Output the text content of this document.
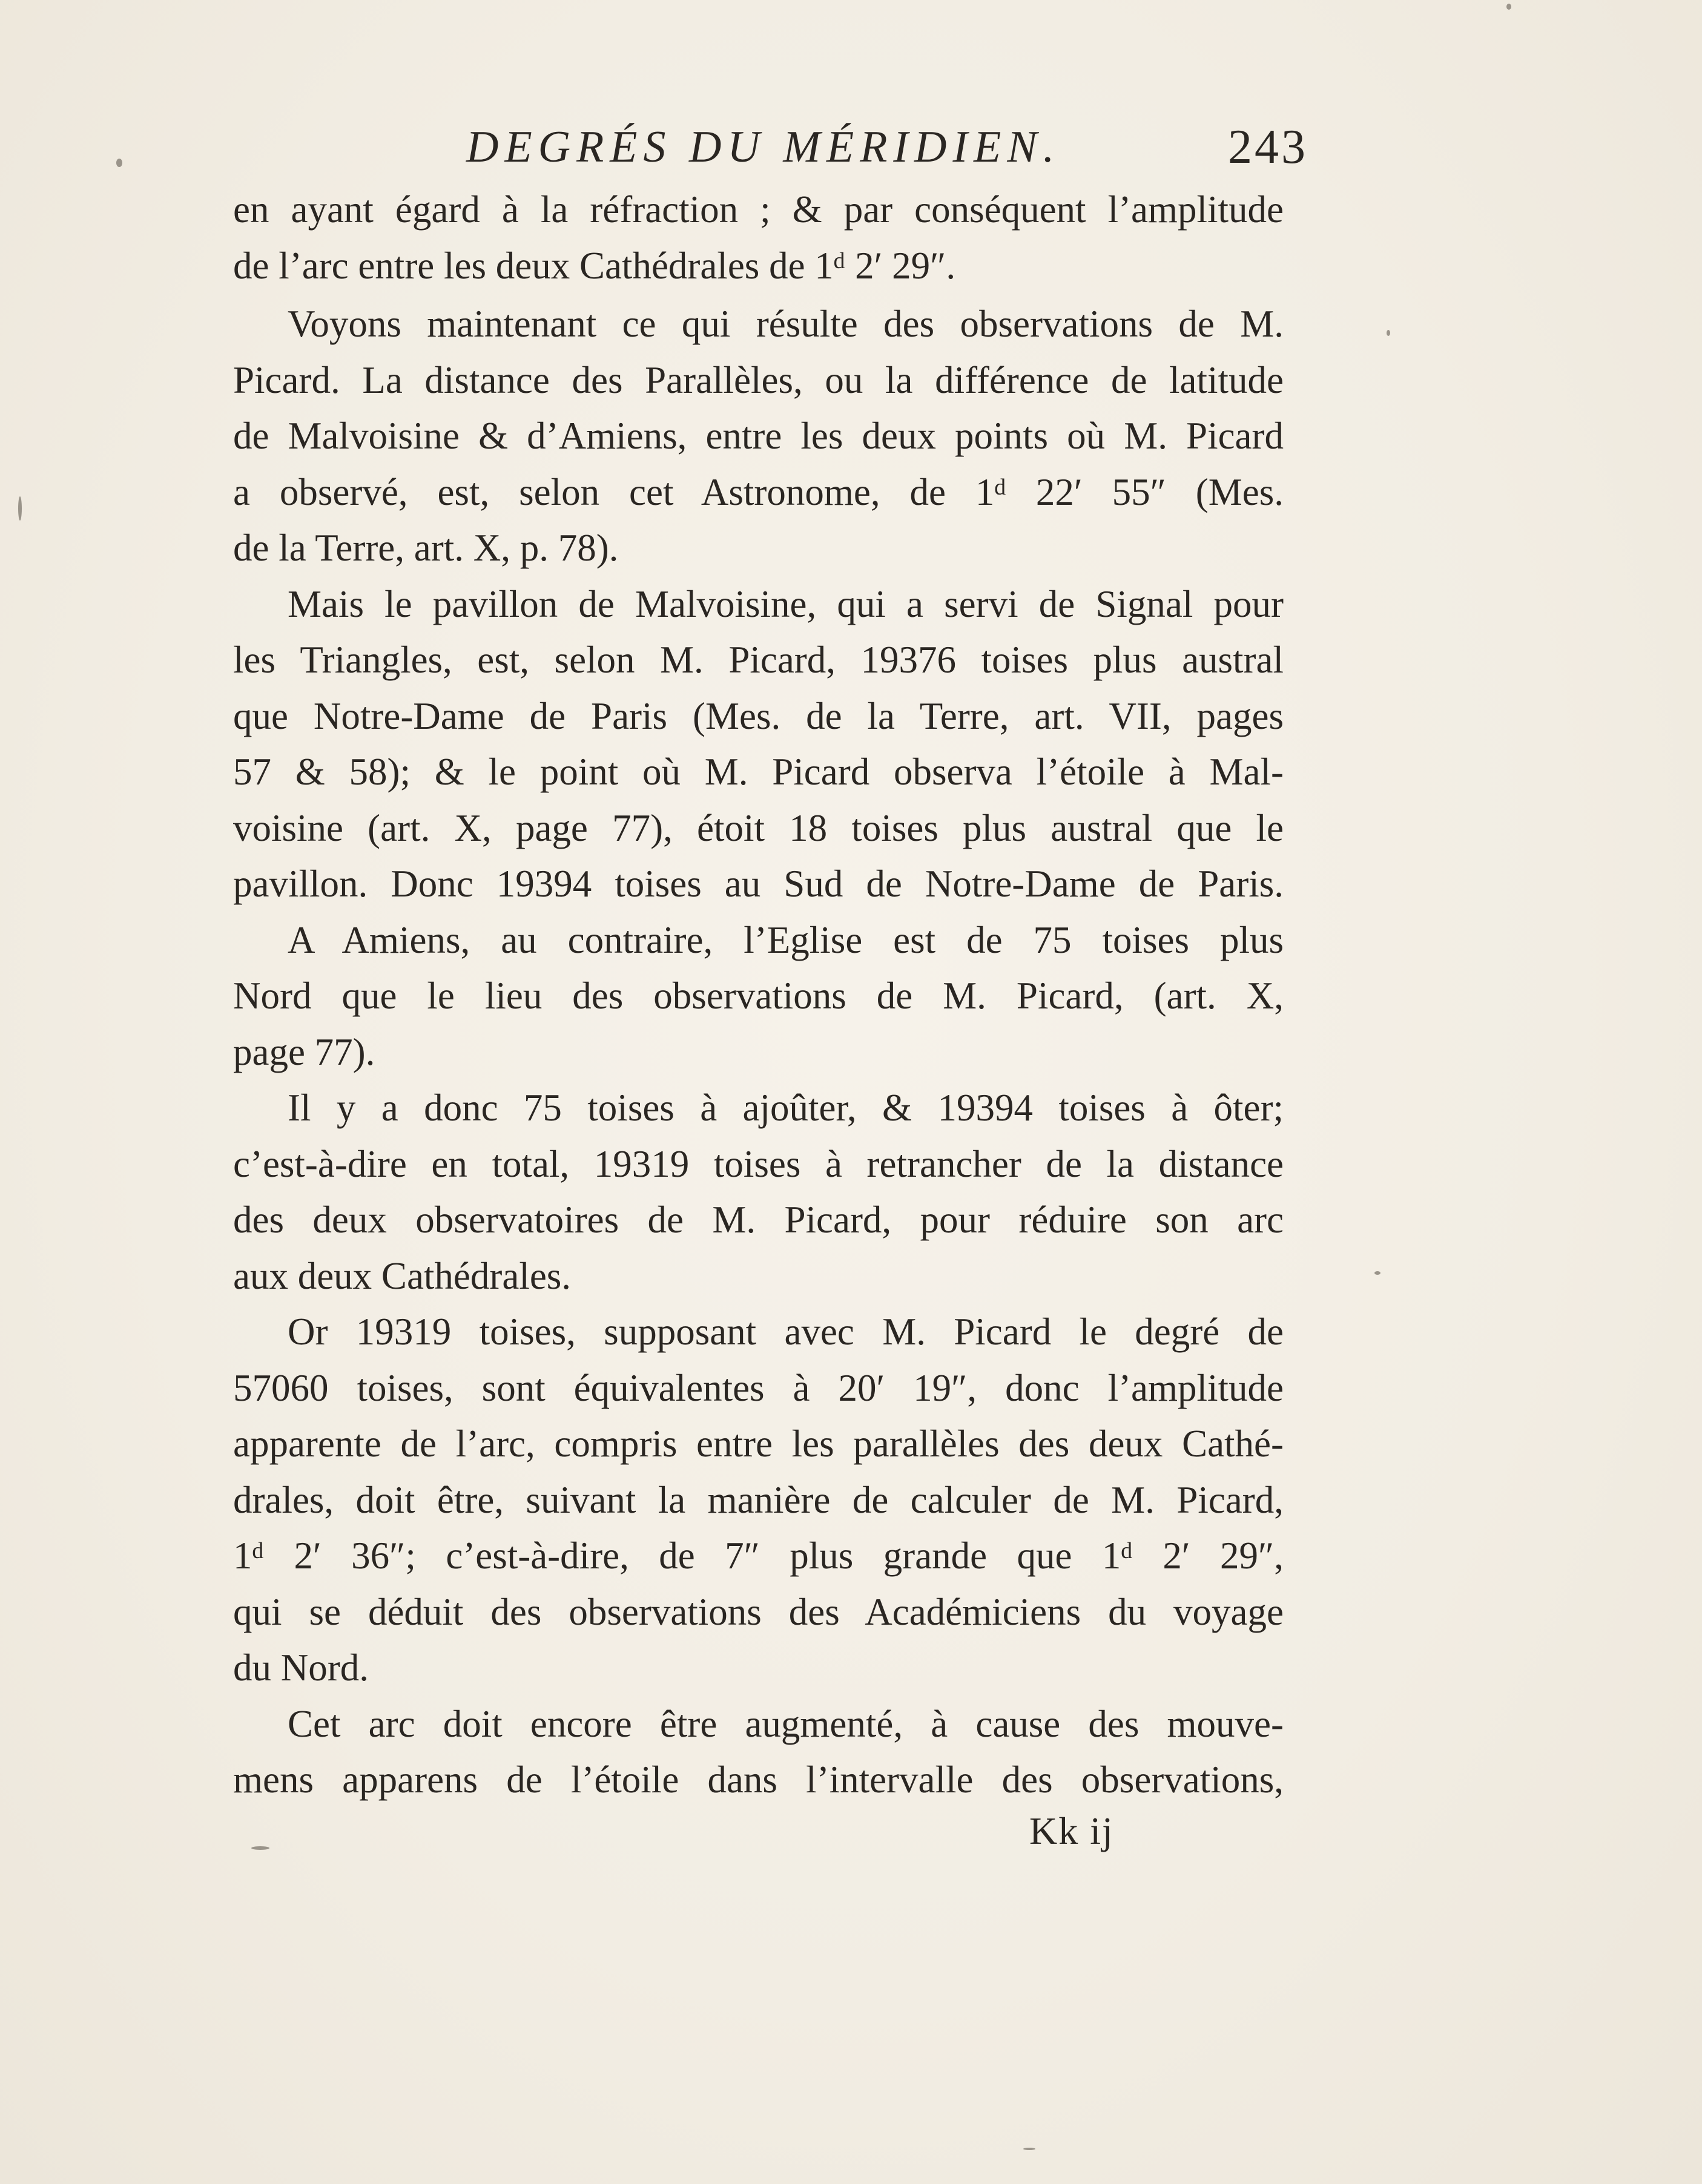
DEGRÉS DU MÉRIDIEN.	243
en ayant égard à la réfraction ; & par conséquent l’amplitude
de l’arc entre les deux Cathédrales de 1ᵈ 2′ 29″.
Voyons maintenant ce qui résulte des observations de M.
Picard. La distance des Parallèles, ou la différence de latitude
de Malvoisine & d’Amiens, entre les deux points où M. Picard
a observé, est, selon cet Astronome, de 1ᵈ 22′ 55″ (Mes.
de la Terre, art. X, p. 78).
Mais le pavillon de Malvoisine, qui a servi de Signal pour
les Triangles, est, selon M. Picard, 19376 toises plus austral
que Notre-Dame de Paris (Mes. de la Terre, art. VII, pages
57 & 58); & le point où M. Picard observa l’étoile à Mal-
voisine (art. X, page 77), étoit 18 toises plus austral que le
pavillon. Donc 19394 toises au Sud de Notre-Dame de Paris.
A Amiens, au contraire, l’Eglise est de 75 toises plus
Nord que le lieu des observations de M. Picard, (art. X,
page 77).
Il y a donc 75 toises à ajoûter, & 19394 toises à ôter;
c’est-à-dire en total, 19319 toises à retrancher de la distance
des deux observatoires de M. Picard, pour réduire son arc
aux deux Cathédrales.
Or 19319 toises, supposant avec M. Picard le degré de
57060 toises, sont équivalentes à 20′ 19″, donc l’amplitude
apparente de l’arc, compris entre les parallèles des deux Cathé-
drales, doit être, suivant la manière de calculer de M. Picard,
1ᵈ 2′ 36″; c’est-à-dire, de 7″ plus grande que 1ᵈ 2′ 29″,
qui se déduit des observations des Académiciens du voyage
du Nord.
Cet arc doit encore être augmenté, à cause des mouve-
mens apparens de l’étoile dans l’intervalle des observations,
Kk ij
